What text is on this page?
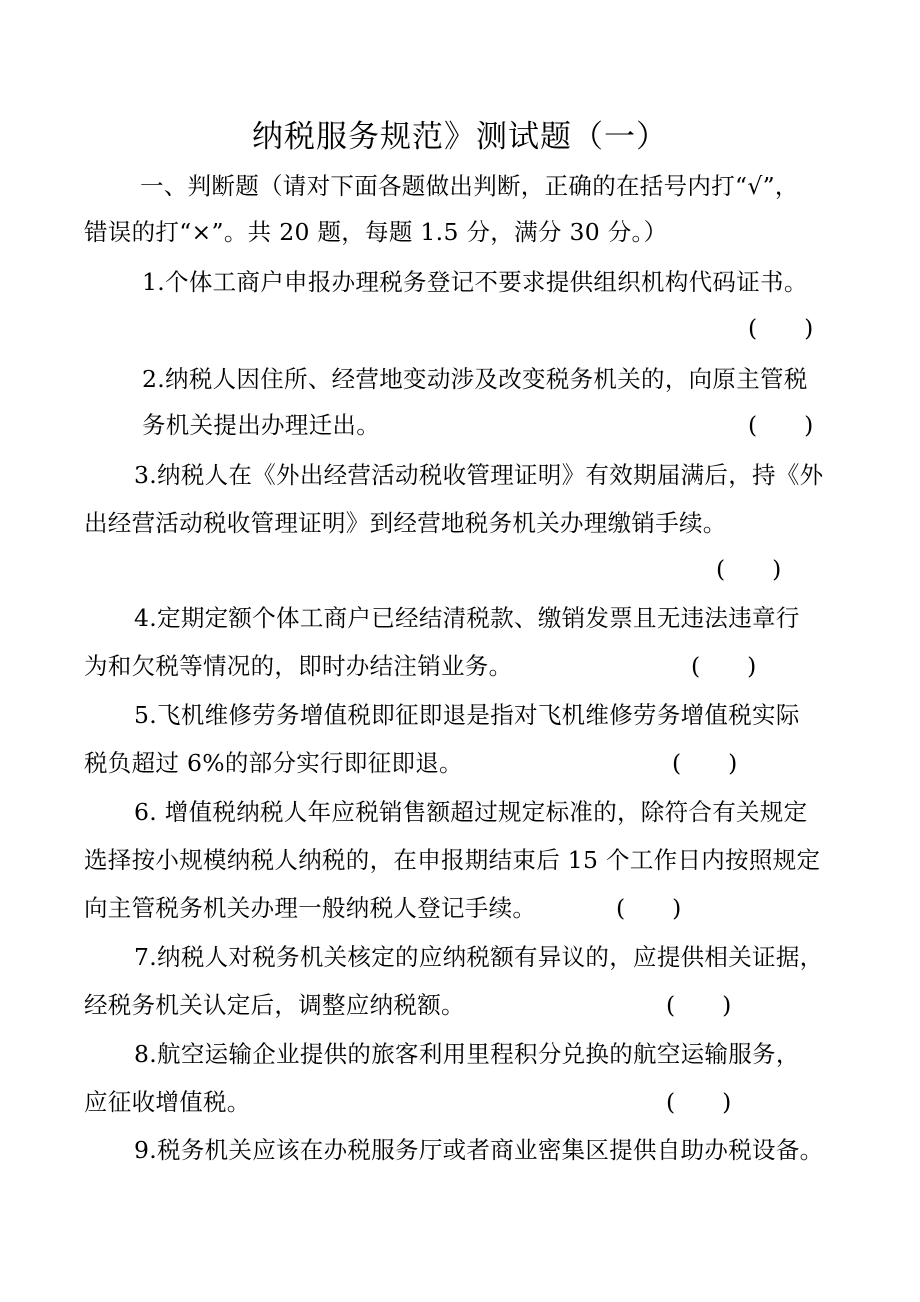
纳税服务规范》测试题（一）
一、判断题（请对下面各题做出判断，正确的在括号内打“√”，
错误的打“×”。共 20 题，每题 1.5 分，满分 30 分。）
1.个体工商户申报办理税务登记不要求提供组织机构代码证书。
(　　)
2.纳税人因住所、经营地变动涉及改变税务机关的，向原主管税
务机关提出办理迁出。	(　　)
3.纳税人在《外出经营活动税收管理证明》有效期届满后，持《外
出经营活动税收管理证明》到经营地税务机关办理缴销手续。
(　　)
4.定期定额个体工商户已经结清税款、缴销发票且无违法违章行
为和欠税等情况的，即时办结注销业务。	(　　)
5.飞机维修劳务增值税即征即退是指对飞机维修劳务增值税实际
税负超过 6%的部分实行即征即退。	(　　)
6. 增值税纳税人年应税销售额超过规定标准的，除符合有关规定
选择按小规模纳税人纳税的，在申报期结束后 15 个工作日内按照规定
向主管税务机关办理一般纳税人登记手续。	(　　)
7.纳税人对税务机关核定的应纳税额有异议的，应提供相关证据，
经税务机关认定后，调整应纳税额。	(　　)
8.航空运输企业提供的旅客利用里程积分兑换的航空运输服务，
应征收增值税。	(　　)
9.税务机关应该在办税服务厅或者商业密集区提供自助办税设备。
